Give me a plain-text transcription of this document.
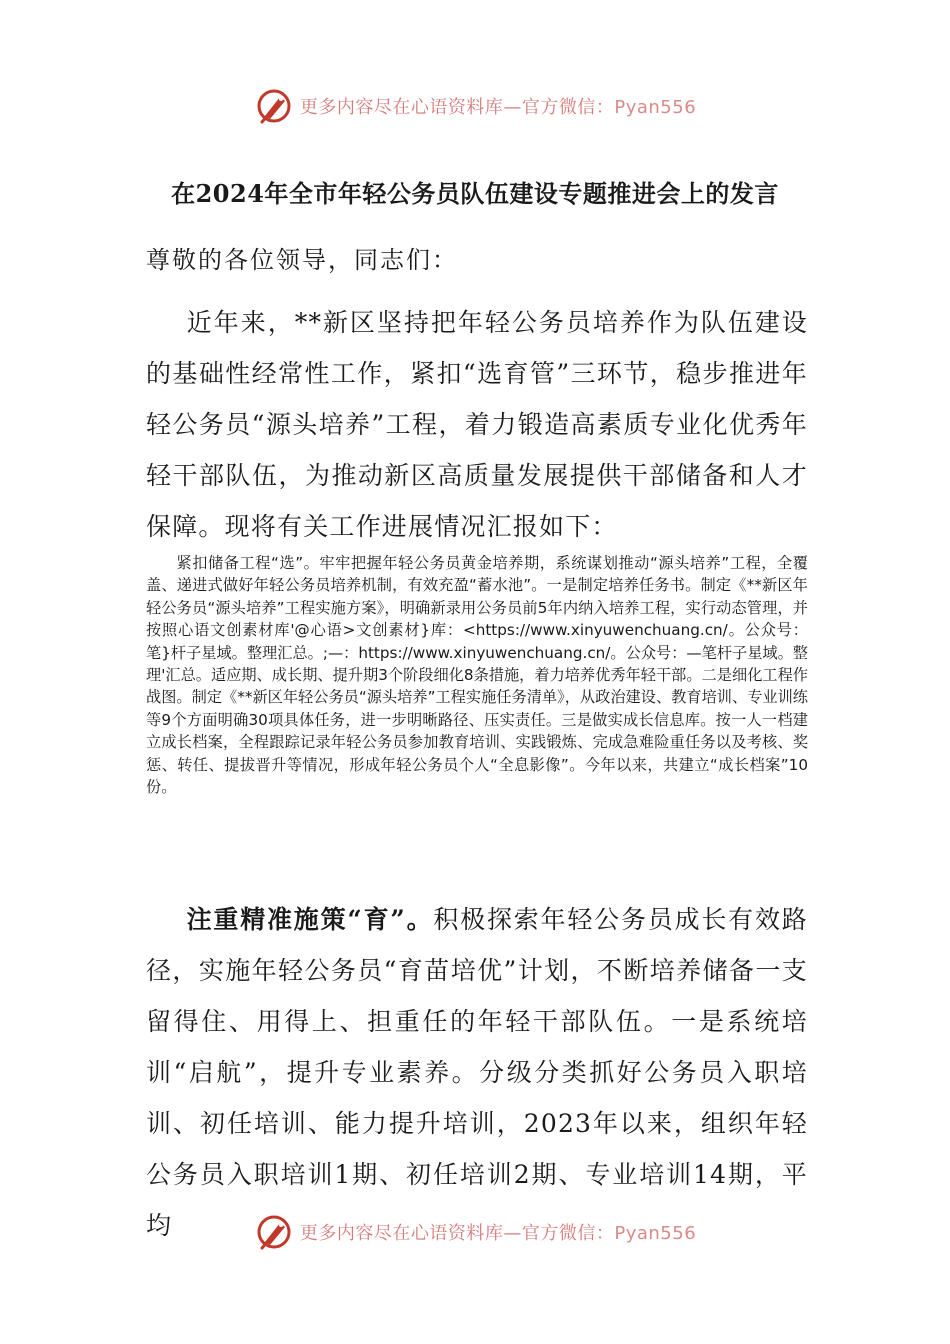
更多内容尽在心语资料库—官方微信：Pyan556
在2024年全市年轻公务员队伍建设专题推进会上的发言
尊敬的各位领导，同志们：

近年来，**新区坚持把年轻公务员培养作为队伍建设的基础性经常性工作，紧扣“选育管”三环节，稳步推进年轻公务员“源头培养”工程，着力锻造高素质专业化优秀年轻干部队伍，为推动新区高质量发展提供干部储备和人才保障。现将有关工作进展情况汇报如下：

紧扣储备工程“选”。牢牢把握年轻公务员黄金培养期，系统谋划推动“源头培养”工程，全覆盖、递进式做好年轻公务员培养机制，有效充盈“蓄水池”。一是制定培养任务书。制定《**新区年轻公务员“源头培养”工程实施方案》，明确新录用公务员前5年内纳入培养工程，实行动态管理，并按照心语文创素材库'@心语>文创素材}库：<https://www.xinyuwenchuang.cn/。公众号：笔}杆子星域。整理汇总。;—：https://www.xinyuwenchuang.cn/。公众号：—笔杆子星域。整理'汇总。适应期、成长期、提升期3个阶段细化8条措施，着力培养优秀年轻干部。二是细化工程作战图。制定《**新区年轻公务员“源头培养”工程实施任务清单》，从政治建设、教育培训、专业训练等9个方面明确30项具体任务，进一步明晰路径、压实责任。三是做实成长信息库。按一人一档建立成长档案，全程跟踪记录年轻公务员参加教育培训、实践锻炼、完成急难险重任务以及考核、奖惩、转任、提拔晋升等情况，形成年轻公务员个人“全息影像”。今年以来，共建立“成长档案”10份。

注重精准施策“育”。积极探索年轻公务员成长有效路径，实施年轻公务员“育苗培优”计划，不断培养储备一支留得住、用得上、担重任的年轻干部队伍。一是系统培训“启航”，提升专业素养。分级分类抓好公务员入职培训、初任培训、能力提升培训，2023年以来，组织年轻公务员入职培训1期、初任培训2期、专业培训14期，平均	更多内容尽在心语资料库—官方微信：Pyan556
